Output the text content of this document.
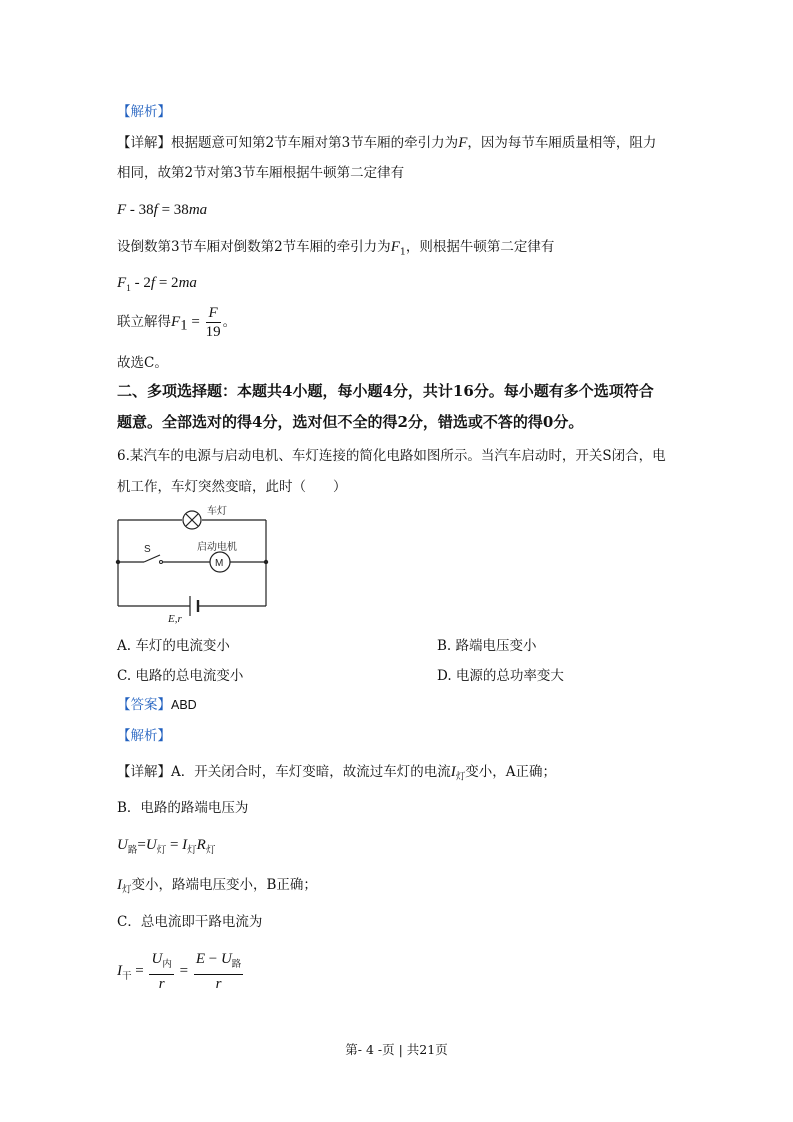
【解析】
【详解】根据题意可知第2节车厢对第3节车厢的牵引力为F，因为每节车厢质量相等，阻力
相同，故第2节对第3节车厢根据牛顿第二定律有
F - 38f = 38ma
设倒数第3节车厢对倒数第2节车厢的牵引力为$F_1$，则根据牛顿第二定律有
$F_1 - 2f = 2ma$
联立解得$F_1 = \frac{F}{19}$ 。
故选C。
二、多项选择题：本题共4小题，每小题4分，共计16分。每小题有多个选项符合
题意。全部选对的得4分，选对但不全的得2分，错选或不答的得0分。
6.某汽车的电源与启动电机、车灯连接的简化电路如图所示。当汽车启动时，开关S闭合，电
机工作，车灯突然变暗，此时（　　）
车灯
启动电机
S
M
E,r
A. 车灯的电流变小	B. 路端电压变小
C. 电路的总电流变小	D. 电源的总功率变大
【答案】ABD
【解析】
【详解】A．开关闭合时，车灯变暗，故流过车灯的电流$I_灯$变小，A正确；
B．电路的路端电压为
$U_路=U_灯 = I_灯R_灯$
$I_灯$变小，路端电压变小，B正确；
C．总电流即干路电流为
$I_干 = \frac{U_内}{r} = \frac{E - U_路}{r}$
第- 4 -页 | 共21页
